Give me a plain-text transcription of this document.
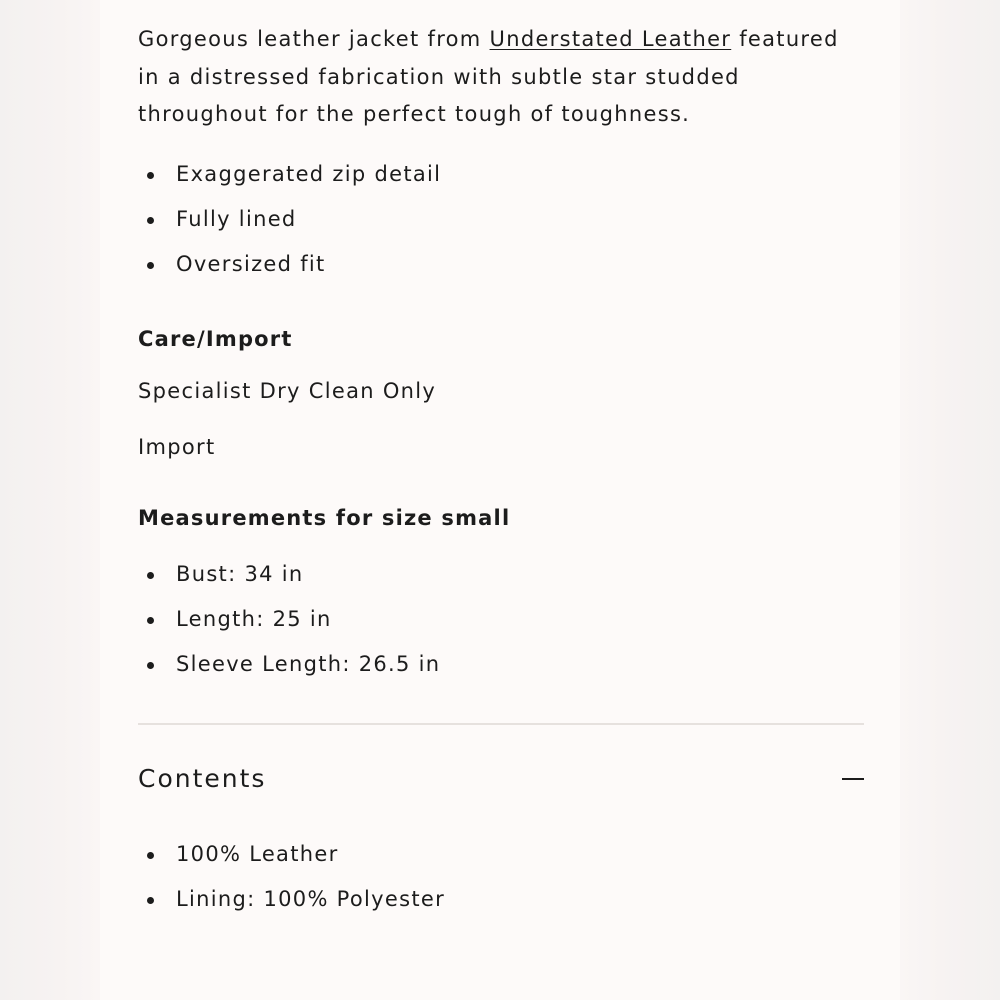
Gorgeous leather jacket from Understated Leather featured in a distressed fabrication with subtle star studded throughout for the perfect tough of toughness.

Exaggerated zip detail
Fully lined
Oversized fit
Care/Import

Specialist Dry Clean Only

Import

Measurements for size small
Bust: 34 in
Length: 25 in
Sleeve Length: 26.5 in
Contents
100% Leather
Lining: 100% Polyester
